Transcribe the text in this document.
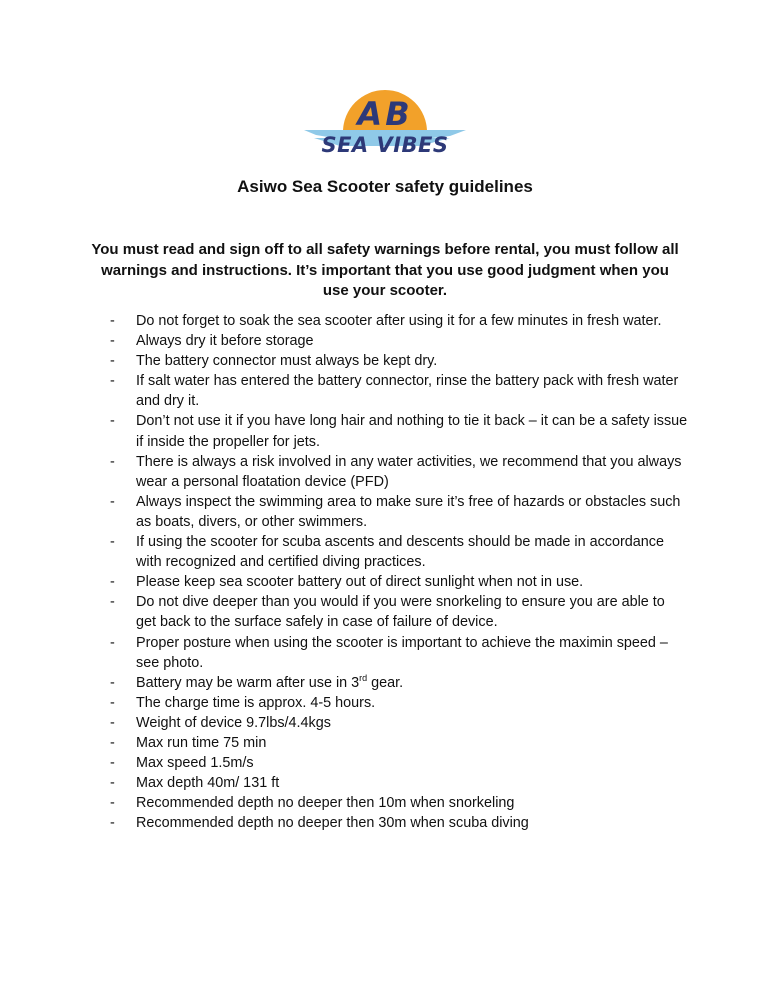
AB
SEA VIBES
Asiwo Sea Scooter safety guidelines
You must read and sign off to all safety warnings before rental, you must follow all warnings and instructions. It’s important that you use good judgment when you use your scooter.
- Do not forget to soak the sea scooter after using it for a few minutes in fresh water.
- Always dry it before storage
- The battery connector must always be kept dry.
- If salt water has entered the battery connector, rinse the battery pack with fresh water and dry it.
- Don’t not use it if you have long hair and nothing to tie it back – it can be a safety issue if inside the propeller for jets.
- There is always a risk involved in any water activities, we recommend that you always wear a personal floatation device (PFD)
- Always inspect the swimming area to make sure it’s free of hazards or obstacles such as boats, divers, or other swimmers.
- If using the scooter for scuba ascents and descents should be made in accordance with recognized and certified diving practices.
- Please keep sea scooter battery out of direct sunlight when not in use.
- Do not dive deeper than you would if you were snorkeling to ensure you are able to get back to the surface safely in case of failure of device.
- Proper posture when using the scooter is important to achieve the maximin speed – see photo.
- Battery may be warm after use in 3rd gear.
- The charge time is approx. 4-5 hours.
- Weight of device 9.7lbs/4.4kgs
- Max run time 75 min
- Max speed 1.5m/s
- Max depth 40m/ 131 ft
- Recommended depth no deeper then 10m when snorkeling
- Recommended depth no deeper then 30m when scuba diving
